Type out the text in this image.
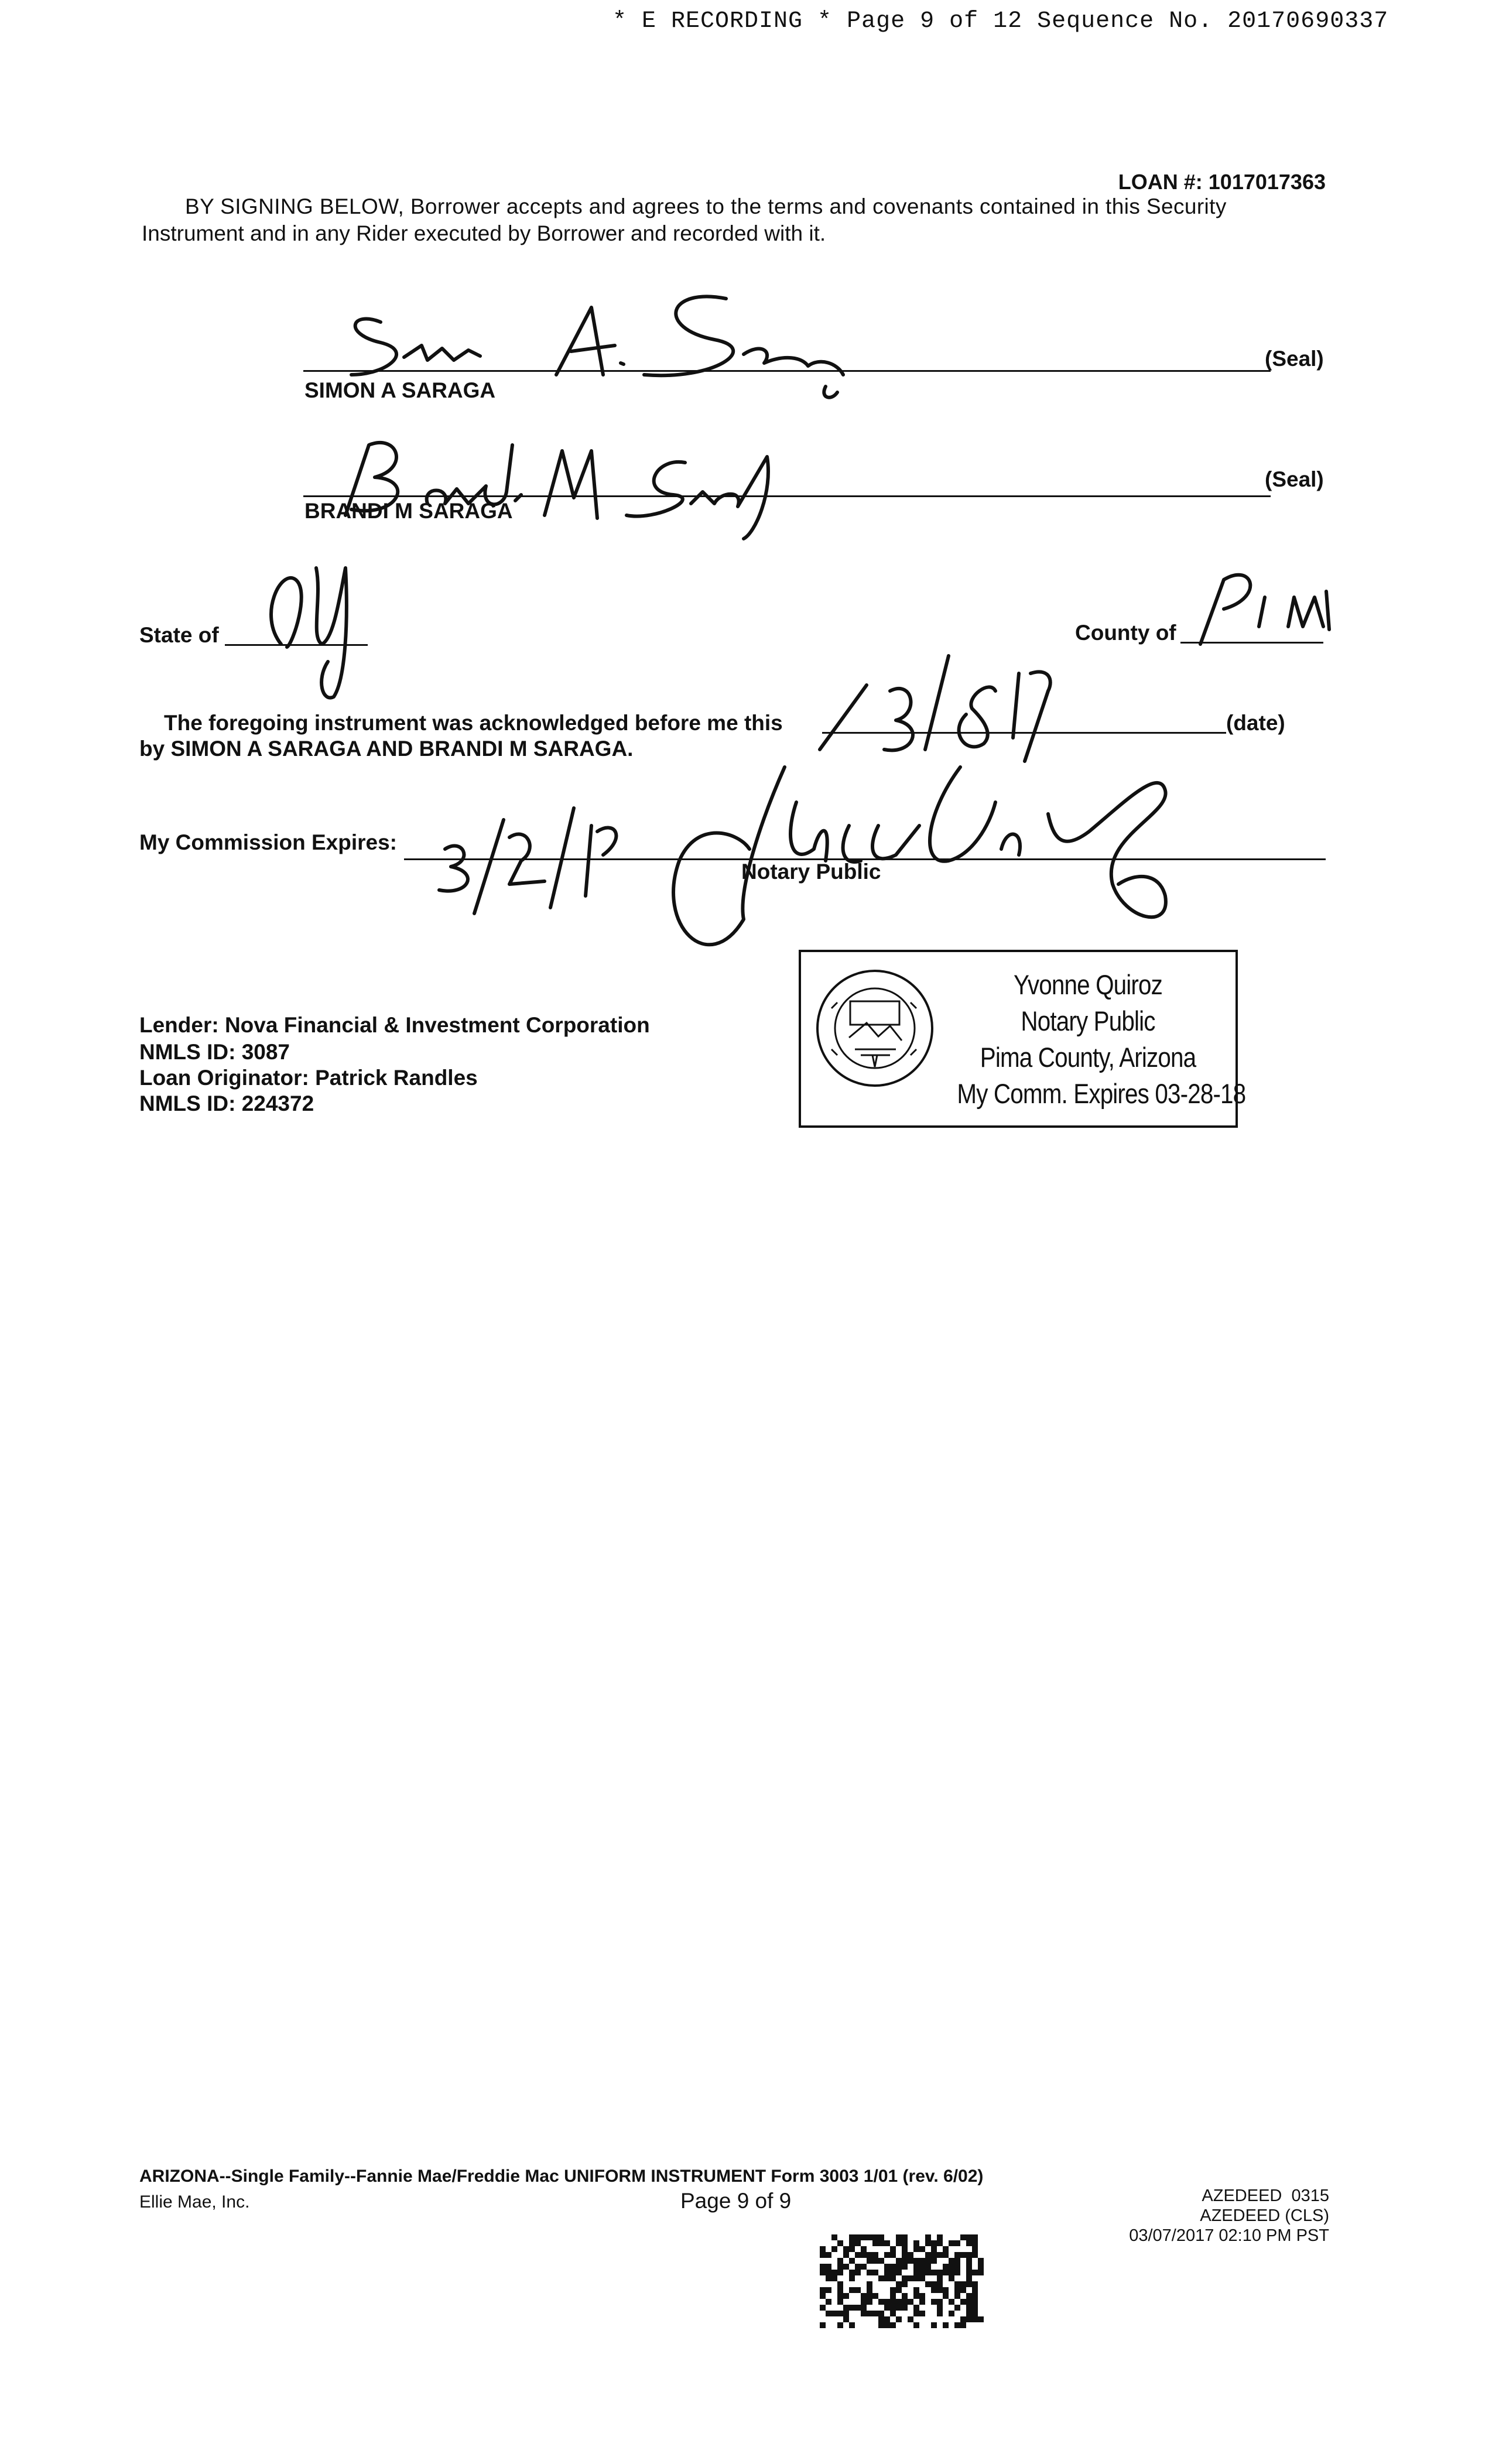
* E RECORDING * Page 9 of 12 Sequence No. 20170690337
LOAN #: 1017017363
BY SIGNING BELOW, Borrower accepts and agrees to the terms and covenants contained in this Security
Instrument and in any Rider executed by Borrower and recorded with it.
SIMON A SARAGA
(Seal)
BRANDI M SARAGA
(Seal)
State of	County of
The foregoing instrument was acknowledged before me this	(date)
by SIMON A SARAGA AND BRANDI M SARAGA.
My Commission Expires:
Notary Public
Lender: Nova Financial & Investment Corporation
NMLS ID: 3087
Loan Originator: Patrick Randles
NMLS ID: 224372
Yvonne Quiroz
Notary Public
Pima County, Arizona
My Comm. Expires 03-28-18
ARIZONA--Single Family--Fannie Mae/Freddie Mac UNIFORM INSTRUMENT Form 3003 1/01 (rev. 6/02)
Ellie Mae, Inc.	Page 9 of 9	AZEDEED  0315
AZEDEED (CLS)
03/07/2017 02:10 PM PST
